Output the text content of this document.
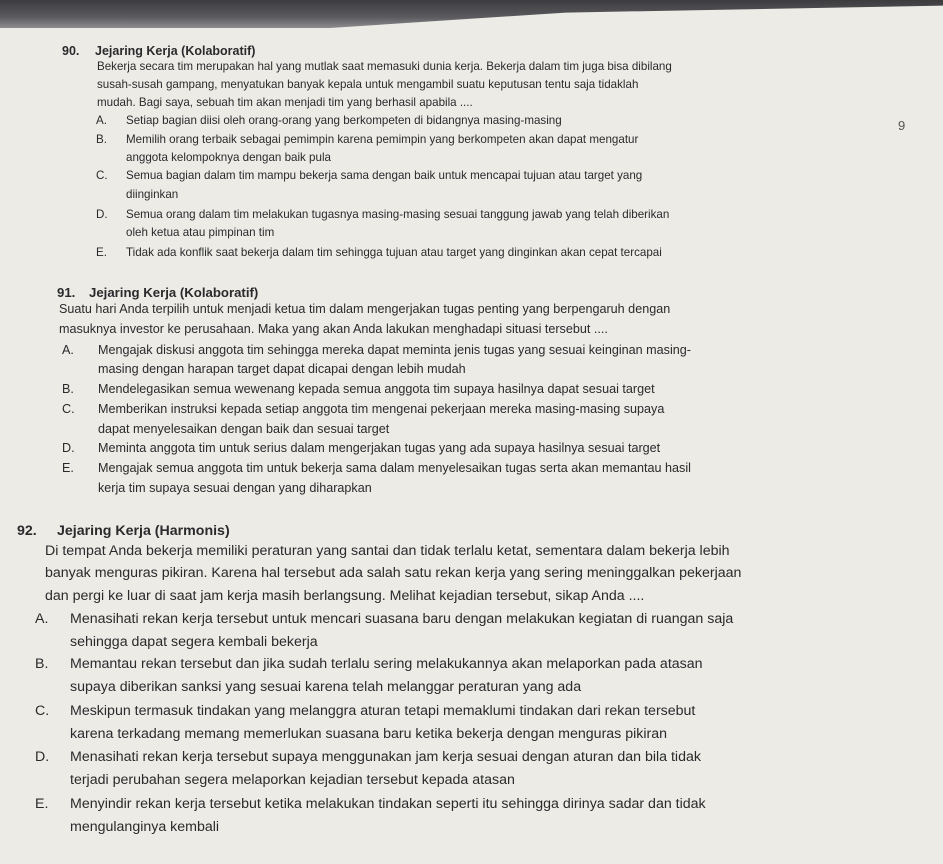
9
90. Jejaring Kerja (Kolaboratif)
Bekerja secara tim merupakan hal yang mutlak saat memasuki dunia kerja. Bekerja dalam tim juga bisa dibilang
susah-susah gampang, menyatukan banyak kepala untuk mengambil suatu keputusan tentu saja tidaklah
mudah. Bagi saya, sebuah tim akan menjadi tim yang berhasil apabila ....
A. Setiap bagian diisi oleh orang-orang yang berkompeten di bidangnya masing-masing
B. Memilih orang terbaik sebagai pemimpin karena pemimpin yang berkompeten akan dapat mengatur
anggota kelompoknya dengan baik pula
C. Semua bagian dalam tim mampu bekerja sama dengan baik untuk mencapai tujuan atau target yang
diinginkan
D. Semua orang dalam tim melakukan tugasnya masing-masing sesuai tanggung jawab yang telah diberikan
oleh ketua atau pimpinan tim
E. Tidak ada konflik saat bekerja dalam tim sehingga tujuan atau target yang dinginkan akan cepat tercapai
91. Jejaring Kerja (Kolaboratif)
Suatu hari Anda terpilih untuk menjadi ketua tim dalam mengerjakan tugas penting yang berpengaruh dengan
masuknya investor ke perusahaan. Maka yang akan Anda lakukan menghadapi situasi tersebut ....
A. Mengajak diskusi anggota tim sehingga mereka dapat meminta jenis tugas yang sesuai keinginan masing-
masing dengan harapan target dapat dicapai dengan lebih mudah
B. Mendelegasikan semua wewenang kepada semua anggota tim supaya hasilnya dapat sesuai target
C. Memberikan instruksi kepada setiap anggota tim mengenai pekerjaan mereka masing-masing supaya
dapat menyelesaikan dengan baik dan sesuai target
D. Meminta anggota tim untuk serius dalam mengerjakan tugas yang ada supaya hasilnya sesuai target
E. Mengajak semua anggota tim untuk bekerja sama dalam menyelesaikan tugas serta akan memantau hasil
kerja tim supaya sesuai dengan yang diharapkan
92. Jejaring Kerja (Harmonis)
Di tempat Anda bekerja memiliki peraturan yang santai dan tidak terlalu ketat, sementara dalam bekerja lebih
banyak menguras pikiran. Karena hal tersebut ada salah satu rekan kerja yang sering meninggalkan pekerjaan
dan pergi ke luar di saat jam kerja masih berlangsung. Melihat kejadian tersebut, sikap Anda ....
A. Menasihati rekan kerja tersebut untuk mencari suasana baru dengan melakukan kegiatan di ruangan saja
sehingga dapat segera kembali bekerja
B. Memantau rekan tersebut dan jika sudah terlalu sering melakukannya akan melaporkan pada atasan
supaya diberikan sanksi yang sesuai karena telah melanggar peraturan yang ada
C. Meskipun termasuk tindakan yang melanggra aturan tetapi memaklumi tindakan dari rekan tersebut
karena terkadang memang memerlukan suasana baru ketika bekerja dengan menguras pikiran
D. Menasihati rekan kerja tersebut supaya menggunakan jam kerja sesuai dengan aturan dan bila tidak
terjadi perubahan segera melaporkan kejadian tersebut kepada atasan
E. Menyindir rekan kerja tersebut ketika melakukan tindakan seperti itu sehingga dirinya sadar dan tidak
mengulanginya kembali
